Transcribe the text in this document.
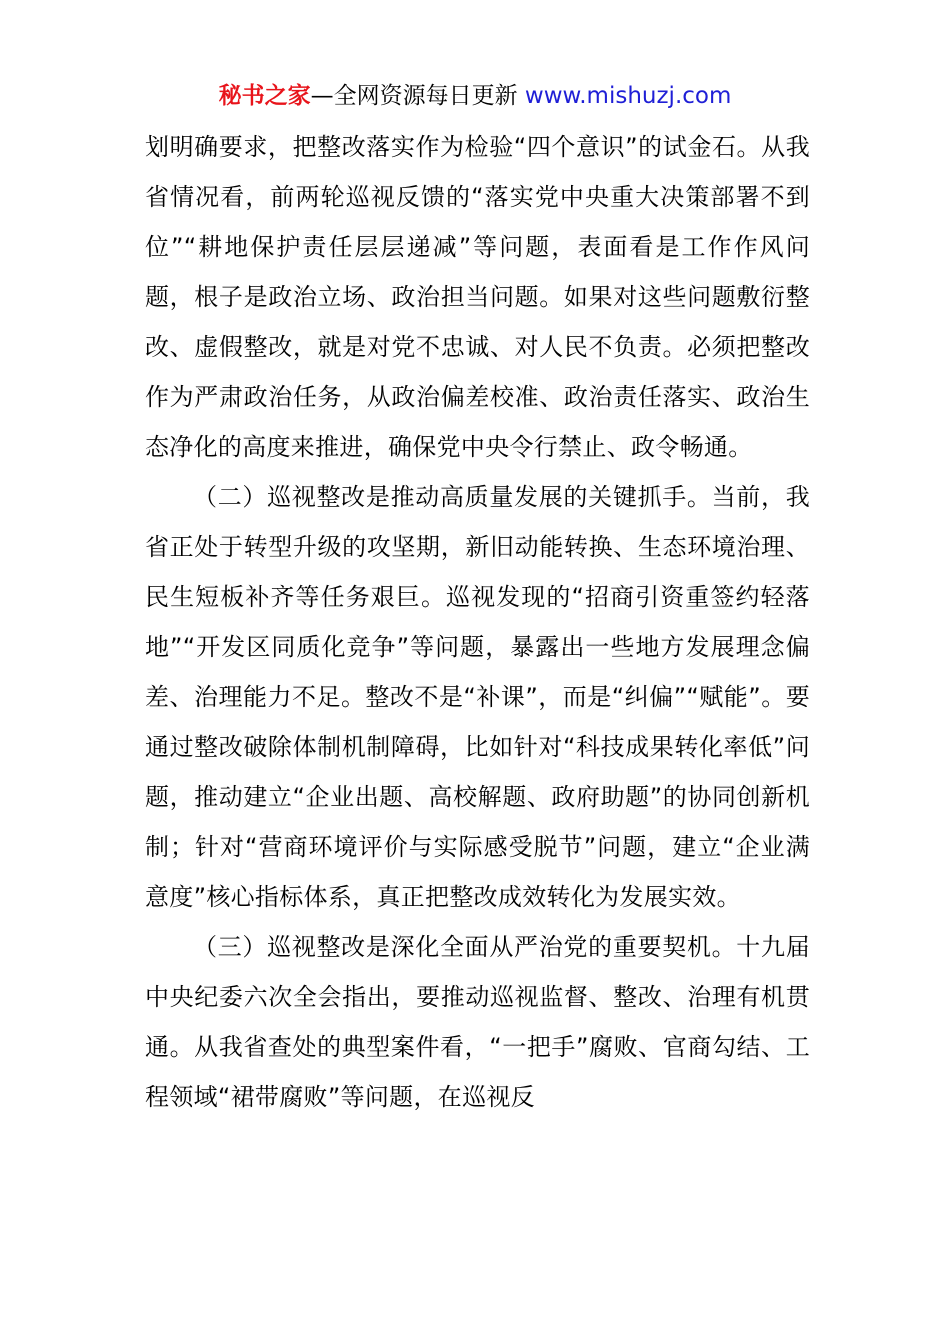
秘书之家—全网资源每日更新 www.mishuzj.com

划明确要求，把整改落实作为检验“四个意识”的试金石。从我省情况看，前两轮巡视反馈的“落实党中央重大决策部署不到位”“耕地保护责任层层递减”等问题，表面看是工作作风问题，根子是政治立场、政治担当问题。如果对这些问题敷衍整改、虚假整改，就是对党不忠诚、对人民不负责。必须把整改作为严肃政治任务，从政治偏差校准、政治责任落实、政治生态净化的高度来推进，确保党中央令行禁止、政令畅通。

（二）巡视整改是推动高质量发展的关键抓手。当前，我省正处于转型升级的攻坚期，新旧动能转换、生态环境治理、民生短板补齐等任务艰巨。巡视发现的“招商引资重签约轻落地”“开发区同质化竞争”等问题，暴露出一些地方发展理念偏差、治理能力不足。整改不是“补课”，而是“纠偏”“赋能”。要通过整改破除体制机制障碍，比如针对“科技成果转化率低”问题，推动建立“企业出题、高校解题、政府助题”的协同创新机制；针对“营商环境评价与实际感受脱节”问题，建立“企业满意度”核心指标体系，真正把整改成效转化为发展实效。

（三）巡视整改是深化全面从严治党的重要契机。十九届中央纪委六次全会指出，要推动巡视监督、整改、治理有机贯通。从我省查处的典型案件看，“一把手”腐败、官商勾结、工程领域“裙带腐败”等问题，在巡视反
